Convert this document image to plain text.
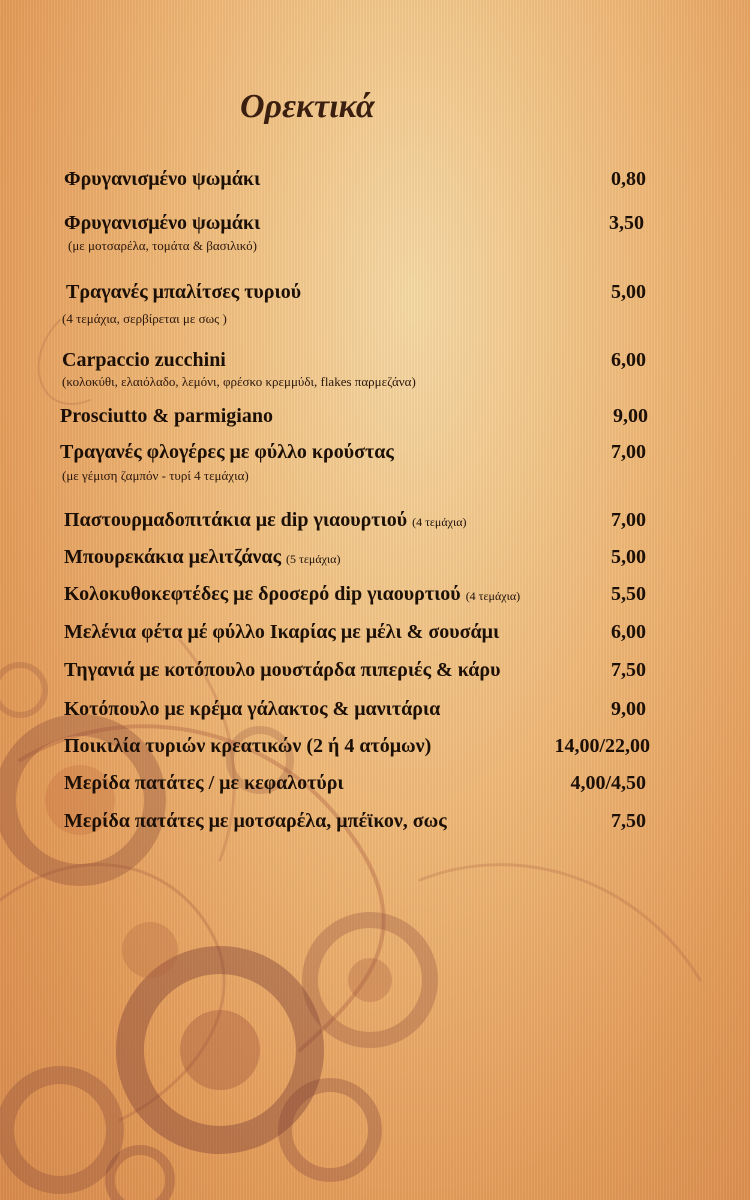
Ορεκτικά
Φρυγανισμένο ψωμάκι	0,80
Φρυγανισμένο ψωμάκι	3,50
(με μοτσαρέλα, τομάτα & βασιλικό)
Τραγανές μπαλίτσες τυριού	5,00
(4 τεμάχια, σερβίρεται με σως )
Carpaccio zucchini	6,00
(κολοκύθι, ελαιόλαδο, λεμόνι, φρέσκο κρεμμύδι, flakes παρμεζάνα)
Prosciutto & parmigiano	9,00
Τραγανές φλογέρες με φύλλο κρούστας	7,00
(με γέμιση ζαμπόν - τυρί 4 τεμάχια)
Παστουρμαδοπιτάκια με dip γιαουρτιού (4 τεμάχια)	7,00
Μπουρεκάκια μελιτζάνας (5 τεμάχια)	5,00
Κολοκυθοκεφτέδες με δροσερό dip γιαουρτιού (4 τεμάχια)	5,50
Μελένια φέτα μέ φύλλο Ικαρίας με μέλι & σουσάμι	6,00
Τηγανιά με κοτόπουλο μουστάρδα πιπεριές & κάρυ	7,50
Κοτόπουλο με κρέμα γάλακτος & μανιτάρια	9,00
Ποικιλία τυριών κρεατικών (2 ή 4 ατόμων)	14,00/22,00
Μερίδα πατάτες / με κεφαλοτύρι	4,00/4,50
Μερίδα πατάτες με μοτσαρέλα, μπέϊκον, σως	7,50
